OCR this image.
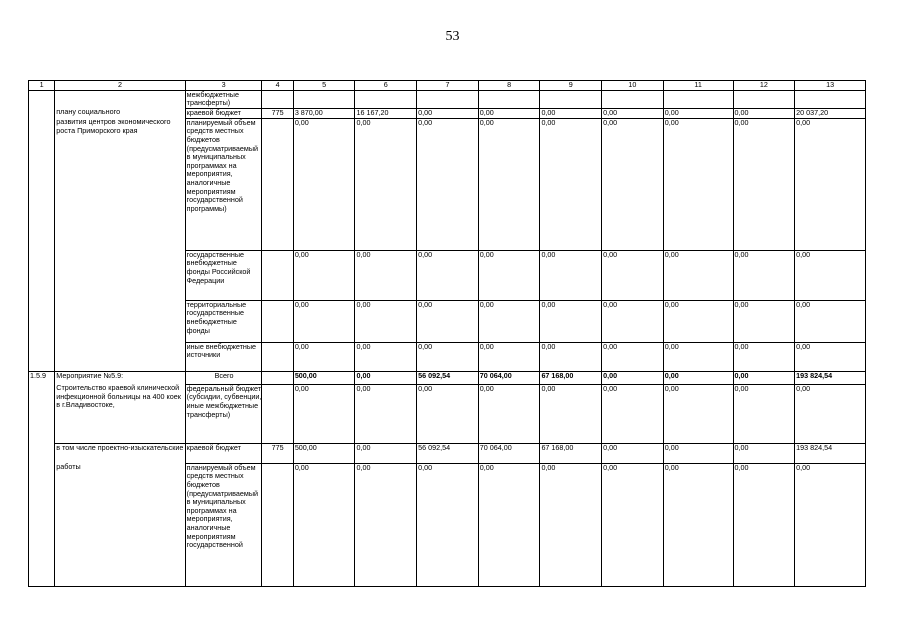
53
1	2	3	4	5	6	7	8	9	10	11	12	13
		межбюджетные трансферты)										
	плану социального	краевой бюджет	775	3 870,00	16 167,20	0,00	0,00	0,00	0,00	0,00	0,00	20 037,20
	развития центров экономического роста Приморского края	планируемый объем средств местных бюджетов (предусматриваемый в муниципальных программах на мероприятия, аналогичные мероприятиям государственной программы)		0,00	0,00	0,00	0,00	0,00	0,00	0,00	0,00	0,00
		государственные внебюджетные фонды Российской Федерации		0,00	0,00	0,00	0,00	0,00	0,00	0,00	0,00	0,00
		территориальные государственные внебюджетные фонды		0,00	0,00	0,00	0,00	0,00	0,00	0,00	0,00	0,00
		иные внебюджетные источники		0,00	0,00	0,00	0,00	0,00	0,00	0,00	0,00	0,00
1.5.9	Мероприятие №5.9:	Всего		500,00	0,00	56 092,54	70 064,00	67 168,00	0,00	0,00	0,00	193 824,54
	Строительство краевой клинической инфекционной больницы на 400 коек в г.Владивостоке,	федеральный бюджет (субсидии, субвенции, иные межбюджетные трансферты)		0,00	0,00	0,00	0,00	0,00	0,00	0,00	0,00	0,00
	в том числе проектно-изыскательские	краевой бюджет	775	500,00	0,00	56 092,54	70 064,00	67 168,00	0,00	0,00	0,00	193 824,54
	работы	планируемый объем средств местных бюджетов (предусматриваемый в муниципальных программах на мероприятия, аналогичные мероприятиям государственной		0,00	0,00	0,00	0,00	0,00	0,00	0,00	0,00	0,00
